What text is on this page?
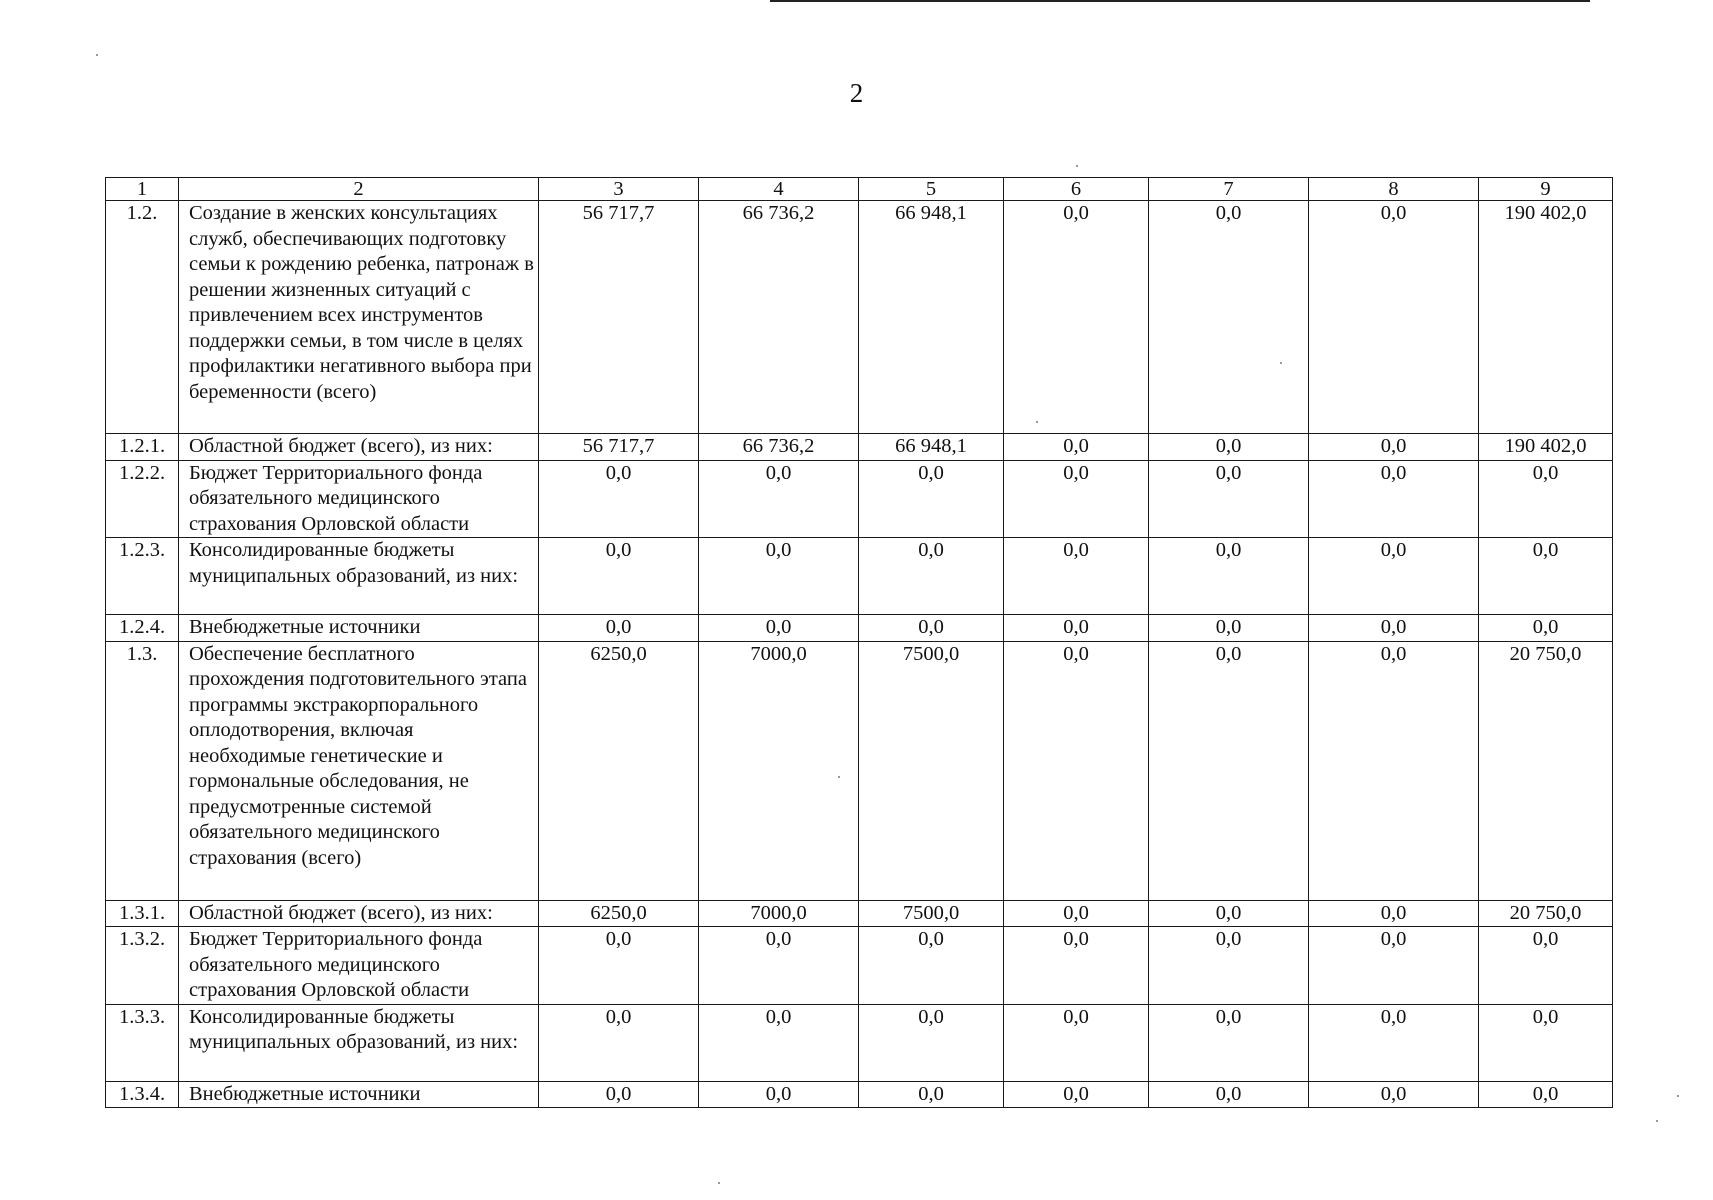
2
1	2	3	4	5	6	7	8	9
1.2.	Создание в женских консультациях служб, обеспечивающих подготовку семьи к рождению ребенка, патронаж в решении жизненных ситуаций с привлечением всех инструментов поддержки семьи, в том числе в целях профилактики негативного выбора при беременности (всего)	56 717,7	66 736,2	66 948,1	0,0	0,0	0,0	190 402,0
1.2.1.	Областной бюджет (всего), из них:	56 717,7	66 736,2	66 948,1	0,0	0,0	0,0	190 402,0
1.2.2.	Бюджет Территориального фонда обязательного медицинского страхования Орловской области	0,0	0,0	0,0	0,0	0,0	0,0	0,0
1.2.3.	Консолидированные бюджеты муниципальных образований, из них:	0,0	0,0	0,0	0,0	0,0	0,0	0,0
1.2.4.	Внебюджетные источники	0,0	0,0	0,0	0,0	0,0	0,0	0,0
1.3.	Обеспечение бесплатного прохождения подготовительного этапа программы экстракорпорального оплодотворения, включая необходимые генетические и гормональные обследования, не предусмотренные системой обязательного медицинского страхования (всего)	6250,0	7000,0	7500,0	0,0	0,0	0,0	20 750,0
1.3.1.	Областной бюджет (всего), из них:	6250,0	7000,0	7500,0	0,0	0,0	0,0	20 750,0
1.3.2.	Бюджет Территориального фонда обязательного медицинского страхования Орловской области	0,0	0,0	0,0	0,0	0,0	0,0	0,0
1.3.3.	Консолидированные бюджеты муниципальных образований, из них:	0,0	0,0	0,0	0,0	0,0	0,0	0,0
1.3.4.	Внебюджетные источники	0,0	0,0	0,0	0,0	0,0	0,0	0,0
